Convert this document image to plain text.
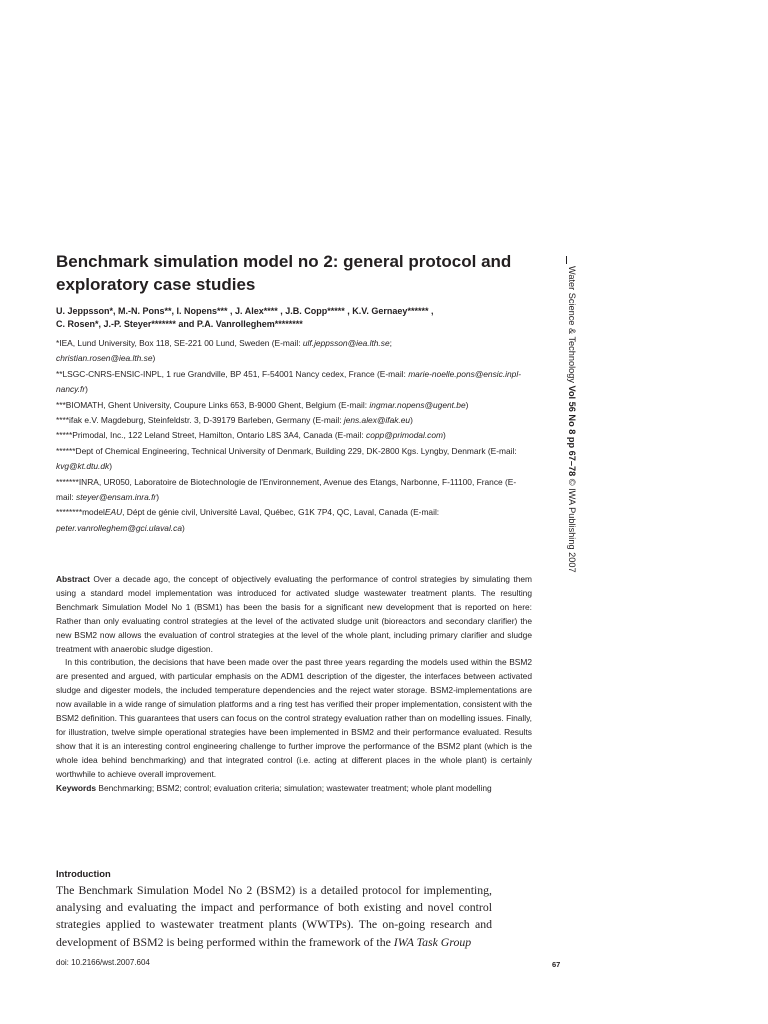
Benchmark simulation model no 2: general protocol and exploratory case studies
U. Jeppsson*, M.-N. Pons**, I. Nopens*** , J. Alex**** , J.B. Copp***** , K.V. Gernaey****** ,
C. Rosen*, J.-P. Steyer******* and P.A. Vanrolleghem********
*IEA, Lund University, Box 118, SE-221 00 Lund, Sweden (E-mail: ulf.jeppsson@iea.lth.se;
christian.rosen@iea.lth.se)
**LSGC-CNRS-ENSIC-INPL, 1 rue Grandville, BP 451, F-54001 Nancy cedex, France (E-mail: marie-noelle.pons@ensic.inpl-nancy.fr)
***BIOMATH, Ghent University, Coupure Links 653, B-9000 Ghent, Belgium (E-mail: ingmar.nopens@ugent.be)
****ifak e.V. Magdeburg, Steinfeldstr. 3, D-39179 Barleben, Germany (E-mail: jens.alex@ifak.eu)
*****Primodal, Inc., 122 Leland Street, Hamilton, Ontario L8S 3A4, Canada (E-mail: copp@primodal.com)
******Dept of Chemical Engineering, Technical University of Denmark, Building 229, DK-2800 Kgs. Lyngby, Denmark (E-mail: kvg@kt.dtu.dk)
*******INRA, UR050, Laboratoire de Biotechnologie de l'Environnement, Avenue des Etangs, Narbonne, F-11100, France (E-mail: steyer@ensam.inra.fr)
********modelEAU, Dépt de génie civil, Université Laval, Québec, G1K 7P4, QC, Laval, Canada (E-mail: peter.vanrolleghem@gci.ulaval.ca)

Abstract Over a decade ago, the concept of objectively evaluating the performance of control strategies by simulating them using a standard model implementation was introduced for activated sludge wastewater treatment plants. The resulting Benchmark Simulation Model No 1 (BSM1) has been the basis for a significant new development that is reported on here: Rather than only evaluating control strategies at the level of the activated sludge unit (bioreactors and secondary clarifier) the new BSM2 now allows the evaluation of control strategies at the level of the whole plant, including primary clarifier and sludge treatment with anaerobic sludge digestion.

In this contribution, the decisions that have been made over the past three years regarding the models used within the BSM2 are presented and argued, with particular emphasis on the ADM1 description of the digester, the interfaces between activated sludge and digester models, the included temperature dependencies and the reject water storage. BSM2-implementations are now available in a wide range of simulation platforms and a ring test has verified their proper implementation, consistent with the BSM2 definition. This guarantees that users can focus on the control strategy evaluation rather than on modelling issues. Finally, for illustration, twelve simple operational strategies have been implemented in BSM2 and their performance evaluated. Results show that it is an interesting control engineering challenge to further improve the performance of the BSM2 plant (which is the whole idea behind benchmarking) and that integrated control (i.e. acting at different places in the whole plant) is certainly worthwhile to achieve overall improvement.

Keywords Benchmarking; BSM2; control; evaluation criteria; simulation; wastewater treatment; whole plant modelling

Introduction

The Benchmark Simulation Model No 2 (BSM2) is a detailed protocol for implementing, analysing and evaluating the impact and performance of both existing and novel control strategies applied to wastewater treatment plants (WWTPs). The on-going research and development of BSM2 is being performed within the framework of the IWA Task Group

doi: 10.2166/wst.2007.604	67
Water Science & Technology Vol 56 No 8 pp 67–78 © IWA Publishing 2007
